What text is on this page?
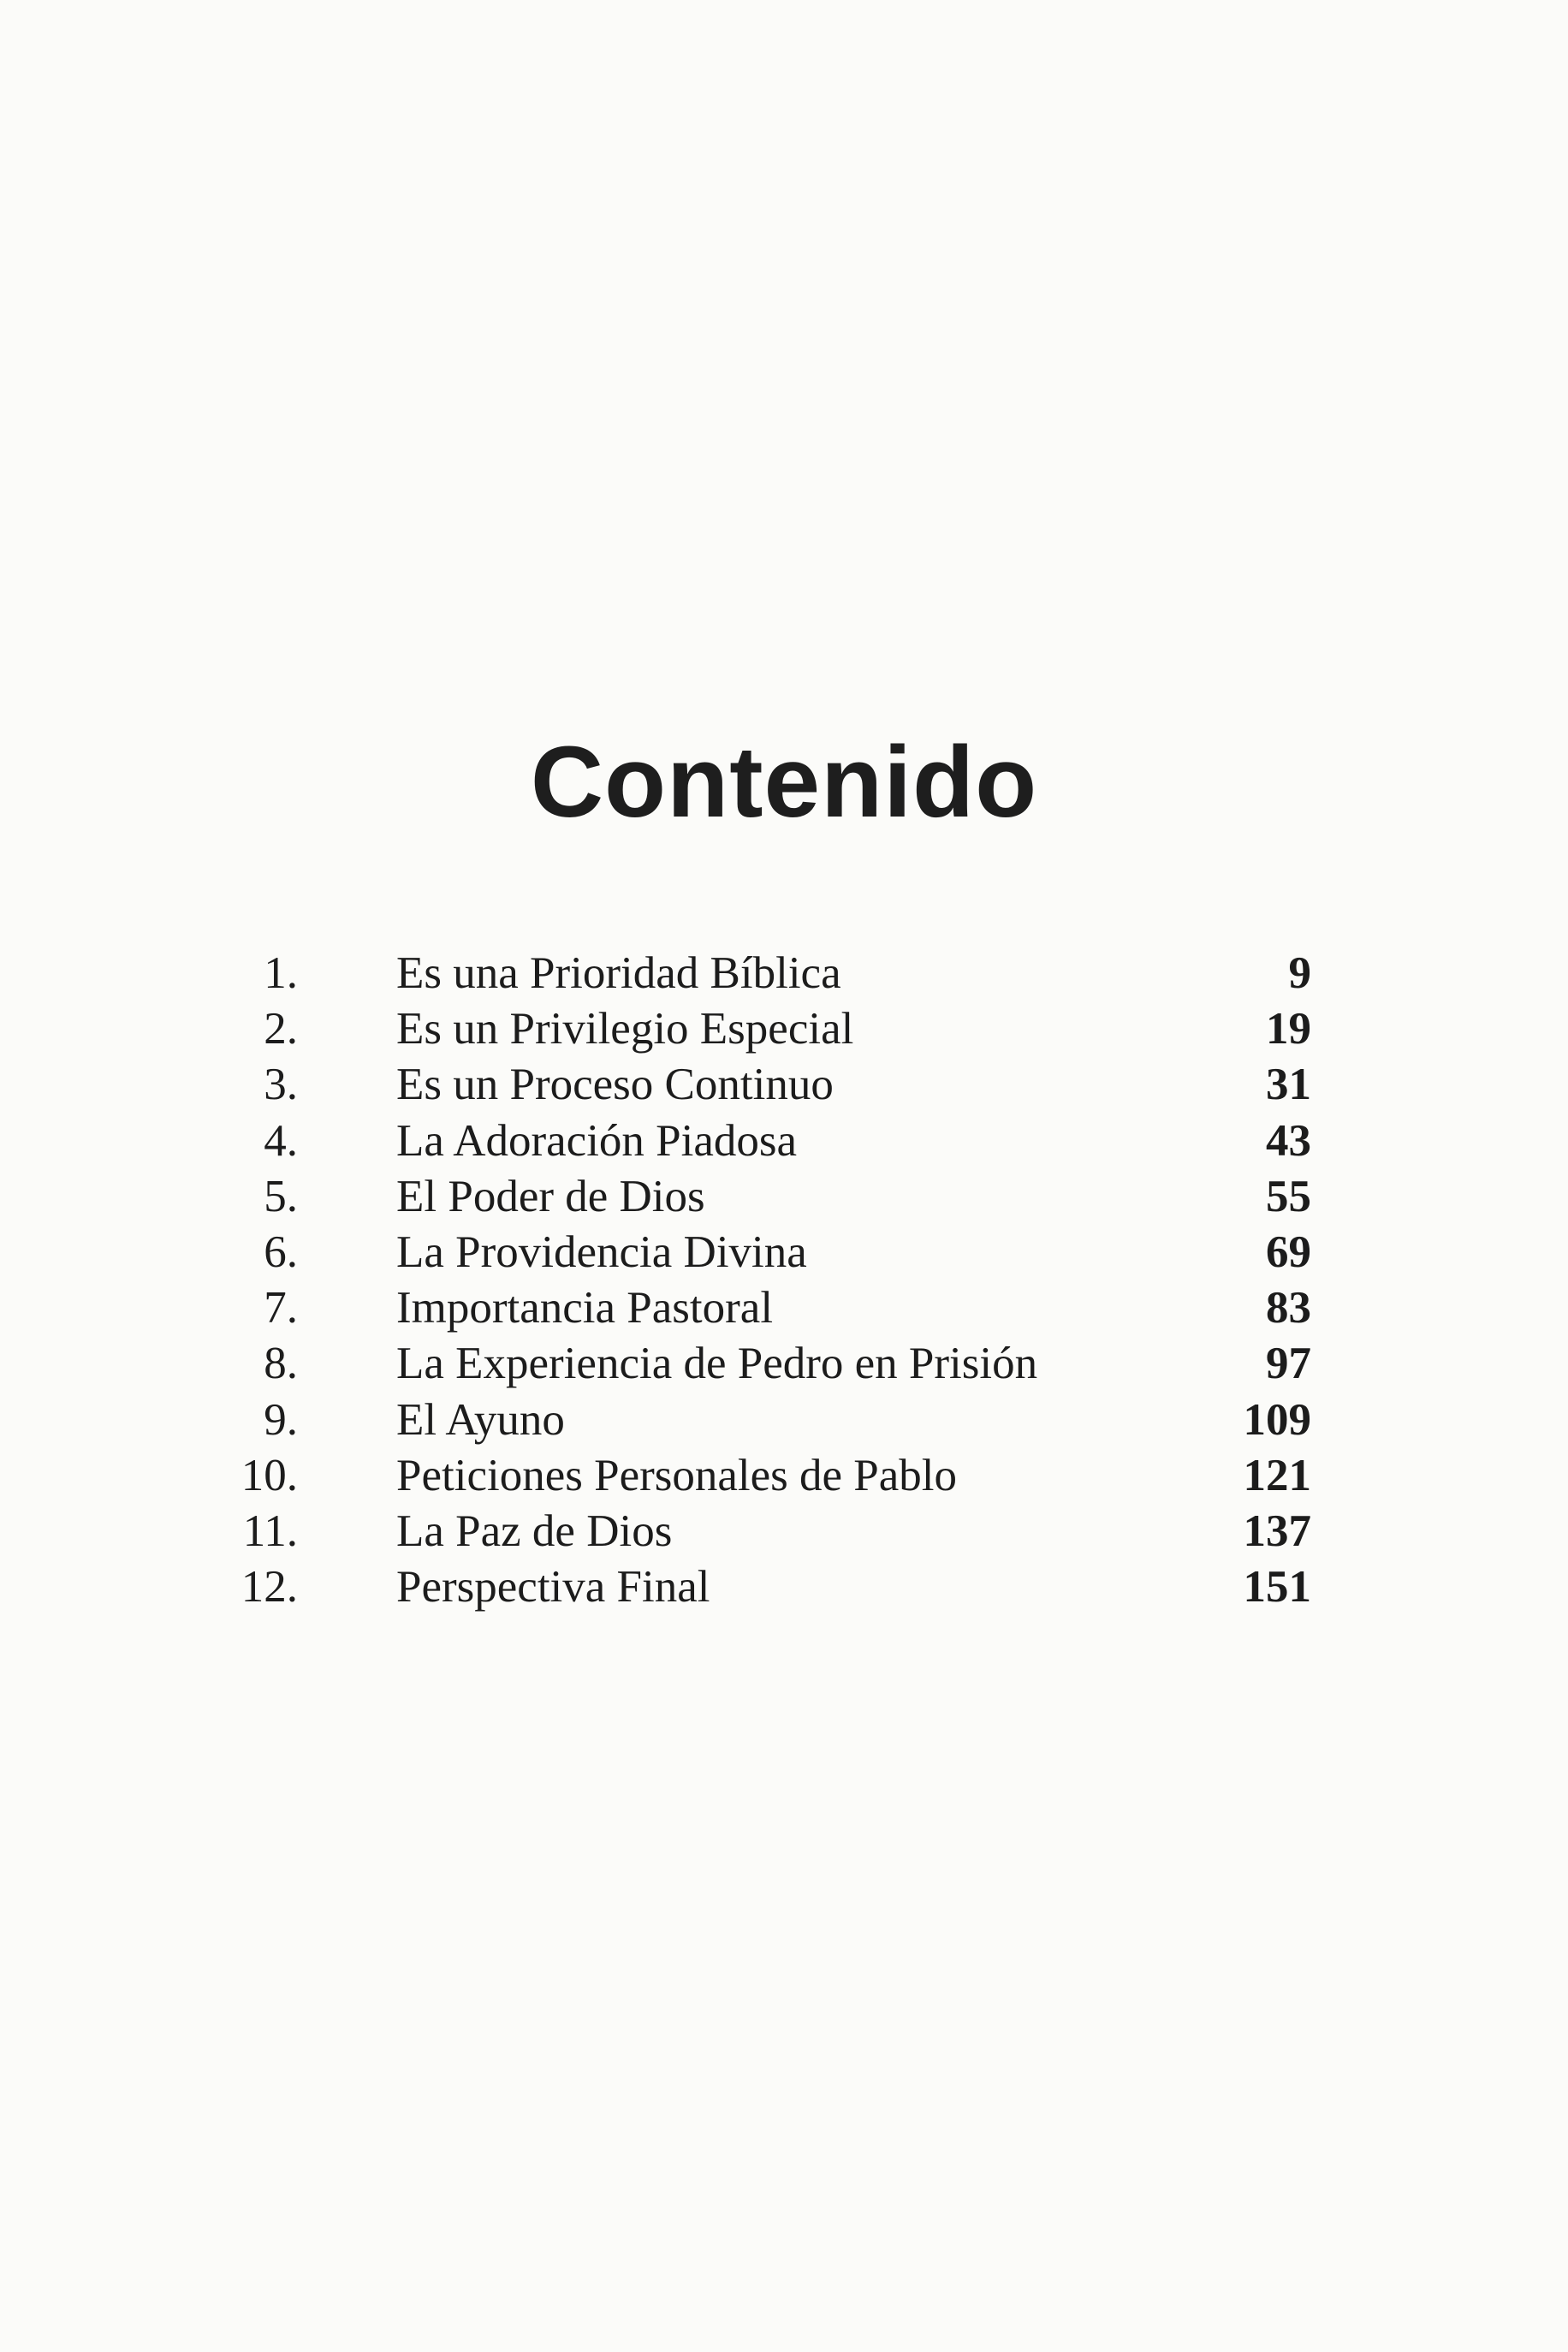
Contenido
1. Es una Prioridad Bíblica	9
2. Es un Privilegio Especial	19
3. Es un Proceso Continuo	31
4. La Adoración Piadosa	43
5. El Poder de Dios	55
6. La Providencia Divina	69
7. Importancia Pastoral	83
8. La Experiencia de Pedro en Prisión	97
9. El Ayuno	109
10. Peticiones Personales de Pablo	121
11. La Paz de Dios	137
12. Perspectiva Final	151
